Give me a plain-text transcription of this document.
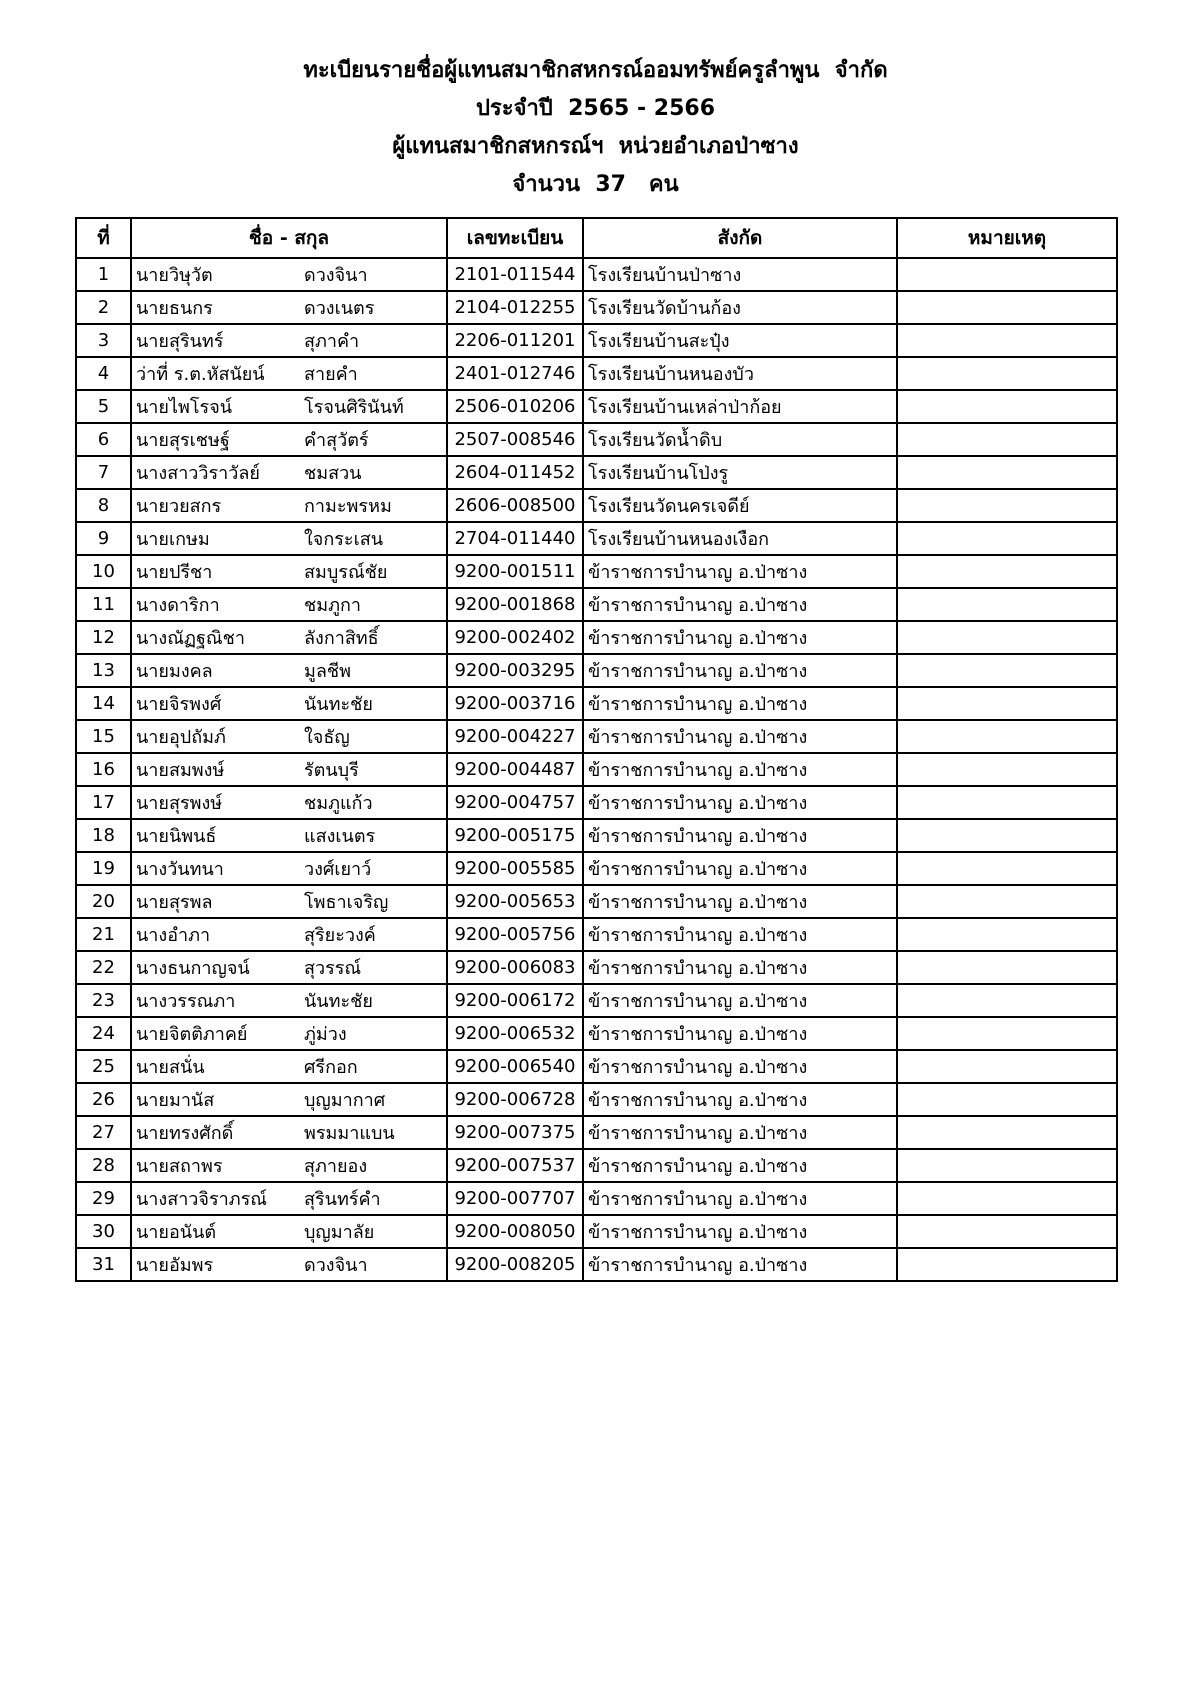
ทะเบียนรายชื่อผู้แทนสมาชิกสหกรณ์ออมทรัพย์ครูลำพูน  จำกัด
ประจำปี  2565 - 2566
ผู้แทนสมาชิกสหกรณ์ฯ  หน่วยอำเภอป่าซาง
จำนวน  37   คน
ที่	ชื่อ - สกุล	เลขทะเบียน	สังกัด	หมายเหตุ
1	นายวิษุวัต ดวงจินา	2101-011544	โรงเรียนบ้านป่าซาง	
2	นายธนกร ดวงเนตร	2104-012255	โรงเรียนวัดบ้านก้อง	
3	นายสุรินทร์ สุภาคำ	2206-011201	โรงเรียนบ้านสะปุ๋ง	
4	ว่าที่ ร.ต.หัสนัยน์ สายคำ	2401-012746	โรงเรียนบ้านหนองบัว	
5	นายไพโรจน์ โรจนศิรินันท์	2506-010206	โรงเรียนบ้านเหล่าป่าก้อย	
6	นายสุรเชษฐ์ คำสุวัตร์	2507-008546	โรงเรียนวัดน้ำดิบ	
7	นางสาววิราวัลย์ ชมสวน	2604-011452	โรงเรียนบ้านโป่งรู	
8	นายวยสกร กามะพรหม	2606-008500	โรงเรียนวัดนครเจดีย์	
9	นายเกษม ใจกระเสน	2704-011440	โรงเรียนบ้านหนองเงือก	
10	นายปรีชา สมบูรณ์ชัย	9200-001511	ข้าราชการบำนาญ อ.ป่าซาง	
11	นางดาริกา ชมภูกา	9200-001868	ข้าราชการบำนาญ อ.ป่าซาง	
12	นางณัฏฐณิชา ลังกาสิทธิ์	9200-002402	ข้าราชการบำนาญ อ.ป่าซาง	
13	นายมงคล มูลชีพ	9200-003295	ข้าราชการบำนาญ อ.ป่าซาง	
14	นายจิรพงศ์ นันทะชัย	9200-003716	ข้าราชการบำนาญ อ.ป่าซาง	
15	นายอุปถัมภ์ ใจธัญ	9200-004227	ข้าราชการบำนาญ อ.ป่าซาง	
16	นายสมพงษ์ รัตนบุรี	9200-004487	ข้าราชการบำนาญ อ.ป่าซาง	
17	นายสุรพงษ์ ชมภูแก้ว	9200-004757	ข้าราชการบำนาญ อ.ป่าซาง	
18	นายนิพนธ์ แสงเนตร	9200-005175	ข้าราชการบำนาญ อ.ป่าซาง	
19	นางวันทนา วงศ์เยาว์	9200-005585	ข้าราชการบำนาญ อ.ป่าซาง	
20	นายสุรพล โพธาเจริญ	9200-005653	ข้าราชการบำนาญ อ.ป่าซาง	
21	นางอำภา สุริยะวงค์	9200-005756	ข้าราชการบำนาญ อ.ป่าซาง	
22	นางธนกาญจน์ สุวรรณ์	9200-006083	ข้าราชการบำนาญ อ.ป่าซาง	
23	นางวรรณภา นันทะชัย	9200-006172	ข้าราชการบำนาญ อ.ป่าซาง	
24	นายจิตติภาคย์ ภู่ม่วง	9200-006532	ข้าราชการบำนาญ อ.ป่าซาง	
25	นายสนั่น ศรีกอก	9200-006540	ข้าราชการบำนาญ อ.ป่าซาง	
26	นายมานัส บุญมากาศ	9200-006728	ข้าราชการบำนาญ อ.ป่าซาง	
27	นายทรงศักดิ์ พรมมาแบน	9200-007375	ข้าราชการบำนาญ อ.ป่าซาง	
28	นายสถาพร สุภายอง	9200-007537	ข้าราชการบำนาญ อ.ป่าซาง	
29	นางสาวจิราภรณ์ สุรินทร์คำ	9200-007707	ข้าราชการบำนาญ อ.ป่าซาง	
30	นายอนันต์ บุญมาลัย	9200-008050	ข้าราชการบำนาญ อ.ป่าซาง	
31	นายอัมพร ดวงจินา	9200-008205	ข้าราชการบำนาญ อ.ป่าซาง	
